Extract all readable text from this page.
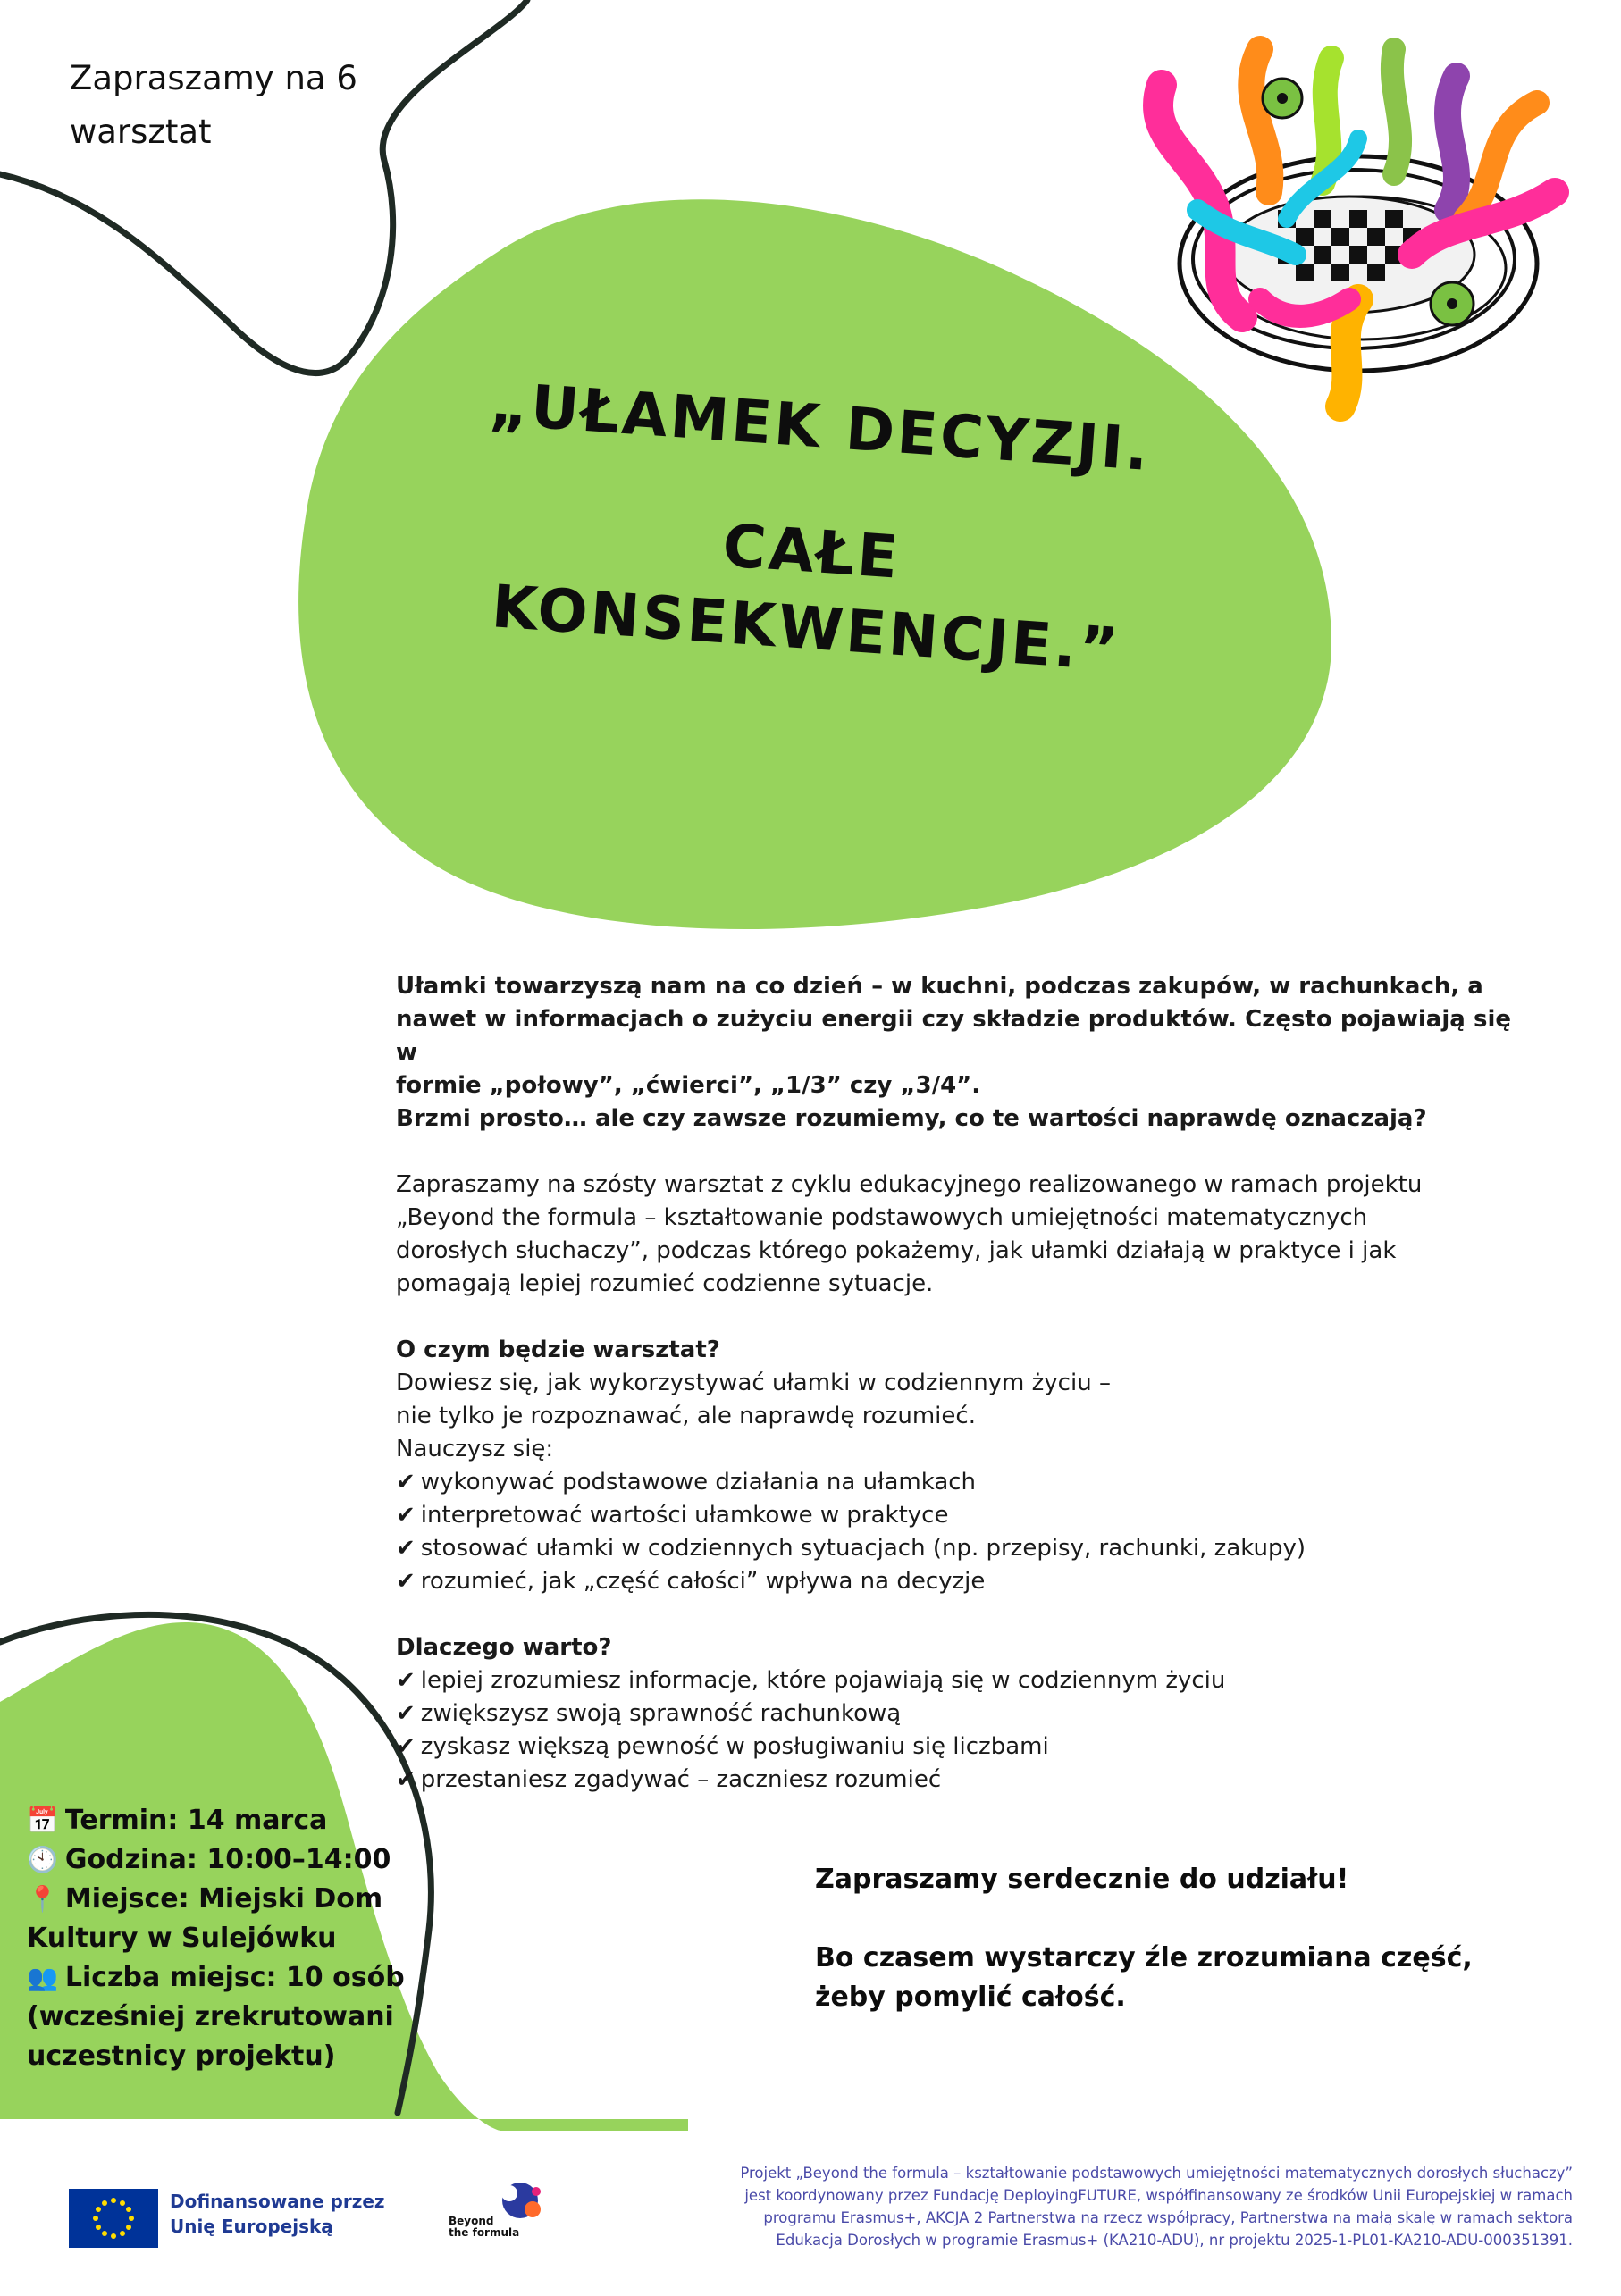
Zapraszamy na 6
warsztat
„UŁAMEK DECYZJI.
CAŁE
KONSEKWENCJE.”

Ułamki towarzyszą nam na co dzień – w kuchni, podczas zakupów, w rachunkach, a

nawet w informacjach o zużyciu energii czy składzie produktów. Często pojawiają się w

formie „połowy”, „ćwierci”, „1/3” czy „3/4”.

Brzmi prosto… ale czy zawsze rozumiemy, co te wartości naprawdę oznaczają?

Zapraszamy na szósty warsztat z cyklu edukacyjnego realizowanego w ramach projektu

„Beyond the formula – kształtowanie podstawowych umiejętności matematycznych

dorosłych słuchaczy”, podczas którego pokażemy, jak ułamki działają w praktyce i jak

pomagają lepiej rozumieć codzienne sytuacje.

O czym będzie warsztat?

Dowiesz się, jak wykorzystywać ułamki w codziennym życiu –

nie tylko je rozpoznawać, ale naprawdę rozumieć.

Nauczysz się:

✔ wykonywać podstawowe działania na ułamkach

✔ interpretować wartości ułamkowe w praktyce

✔ stosować ułamki w codziennych sytuacjach (np. przepisy, rachunki, zakupy)

✔ rozumieć, jak „część całości” wpływa na decyzje

Dlaczego warto?

✔ lepiej zrozumiesz informacje, które pojawiają się w codziennym życiu

✔ zwiększysz swoją sprawność rachunkową

✔ zyskasz większą pewność w posługiwaniu się liczbami

✔ przestaniesz zgadywać – zaczniesz rozumieć

📅 Termin: 14 marca
🕙 Godzina: 10:00–14:00
📍 Miejsce: Miejski Dom
Kultury w Sulejówku
👥 Liczba miejsc: 10 osób
(wcześniej zrekrutowani
uczestnicy projektu)
Zapraszamy serdecznie do udziału!
Bo czasem wystarczy źle zrozumiana część,
żeby pomylić całość.
Dofinansowane przez
Unię Europejską	Beyond
the formula
Projekt „Beyond the formula – kształtowanie podstawowych umiejętności matematycznych dorosłych słuchaczy”
jest koordynowany przez Fundację DeployingFUTURE, współfinansowany ze środków Unii Europejskiej w ramach
programu Erasmus+, AKCJA 2 Partnerstwa na rzecz współpracy, Partnerstwa na małą skalę w ramach sektora
Edukacja Dorosłych w programie Erasmus+ (KA210-ADU), nr projektu 2025-1-PL01-KA210-ADU-000351391.
